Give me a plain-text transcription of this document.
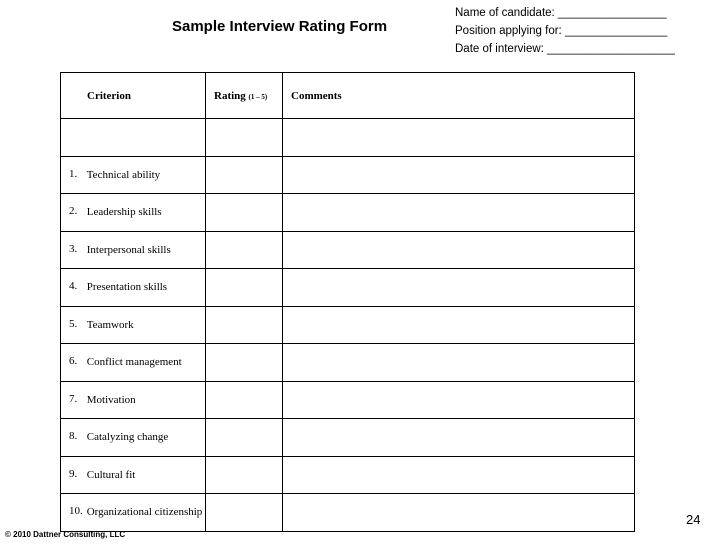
Sample Interview Rating Form
Name of candidate: _________________
Position applying for: ________________
Date of interview: ____________________
Criterion	Rating (1 – 5)	Comments

1. Technical ability		

2. Leadership skills		

3. Interpersonal skills		

4. Presentation skills		

5. Teamwork		

6. Conflict management		

7. Motivation		

8. Catalyzing change		

9. Cultural fit		

10. Organizational citizenship		
			24
© 2010 Dattner Consulting, LLC
